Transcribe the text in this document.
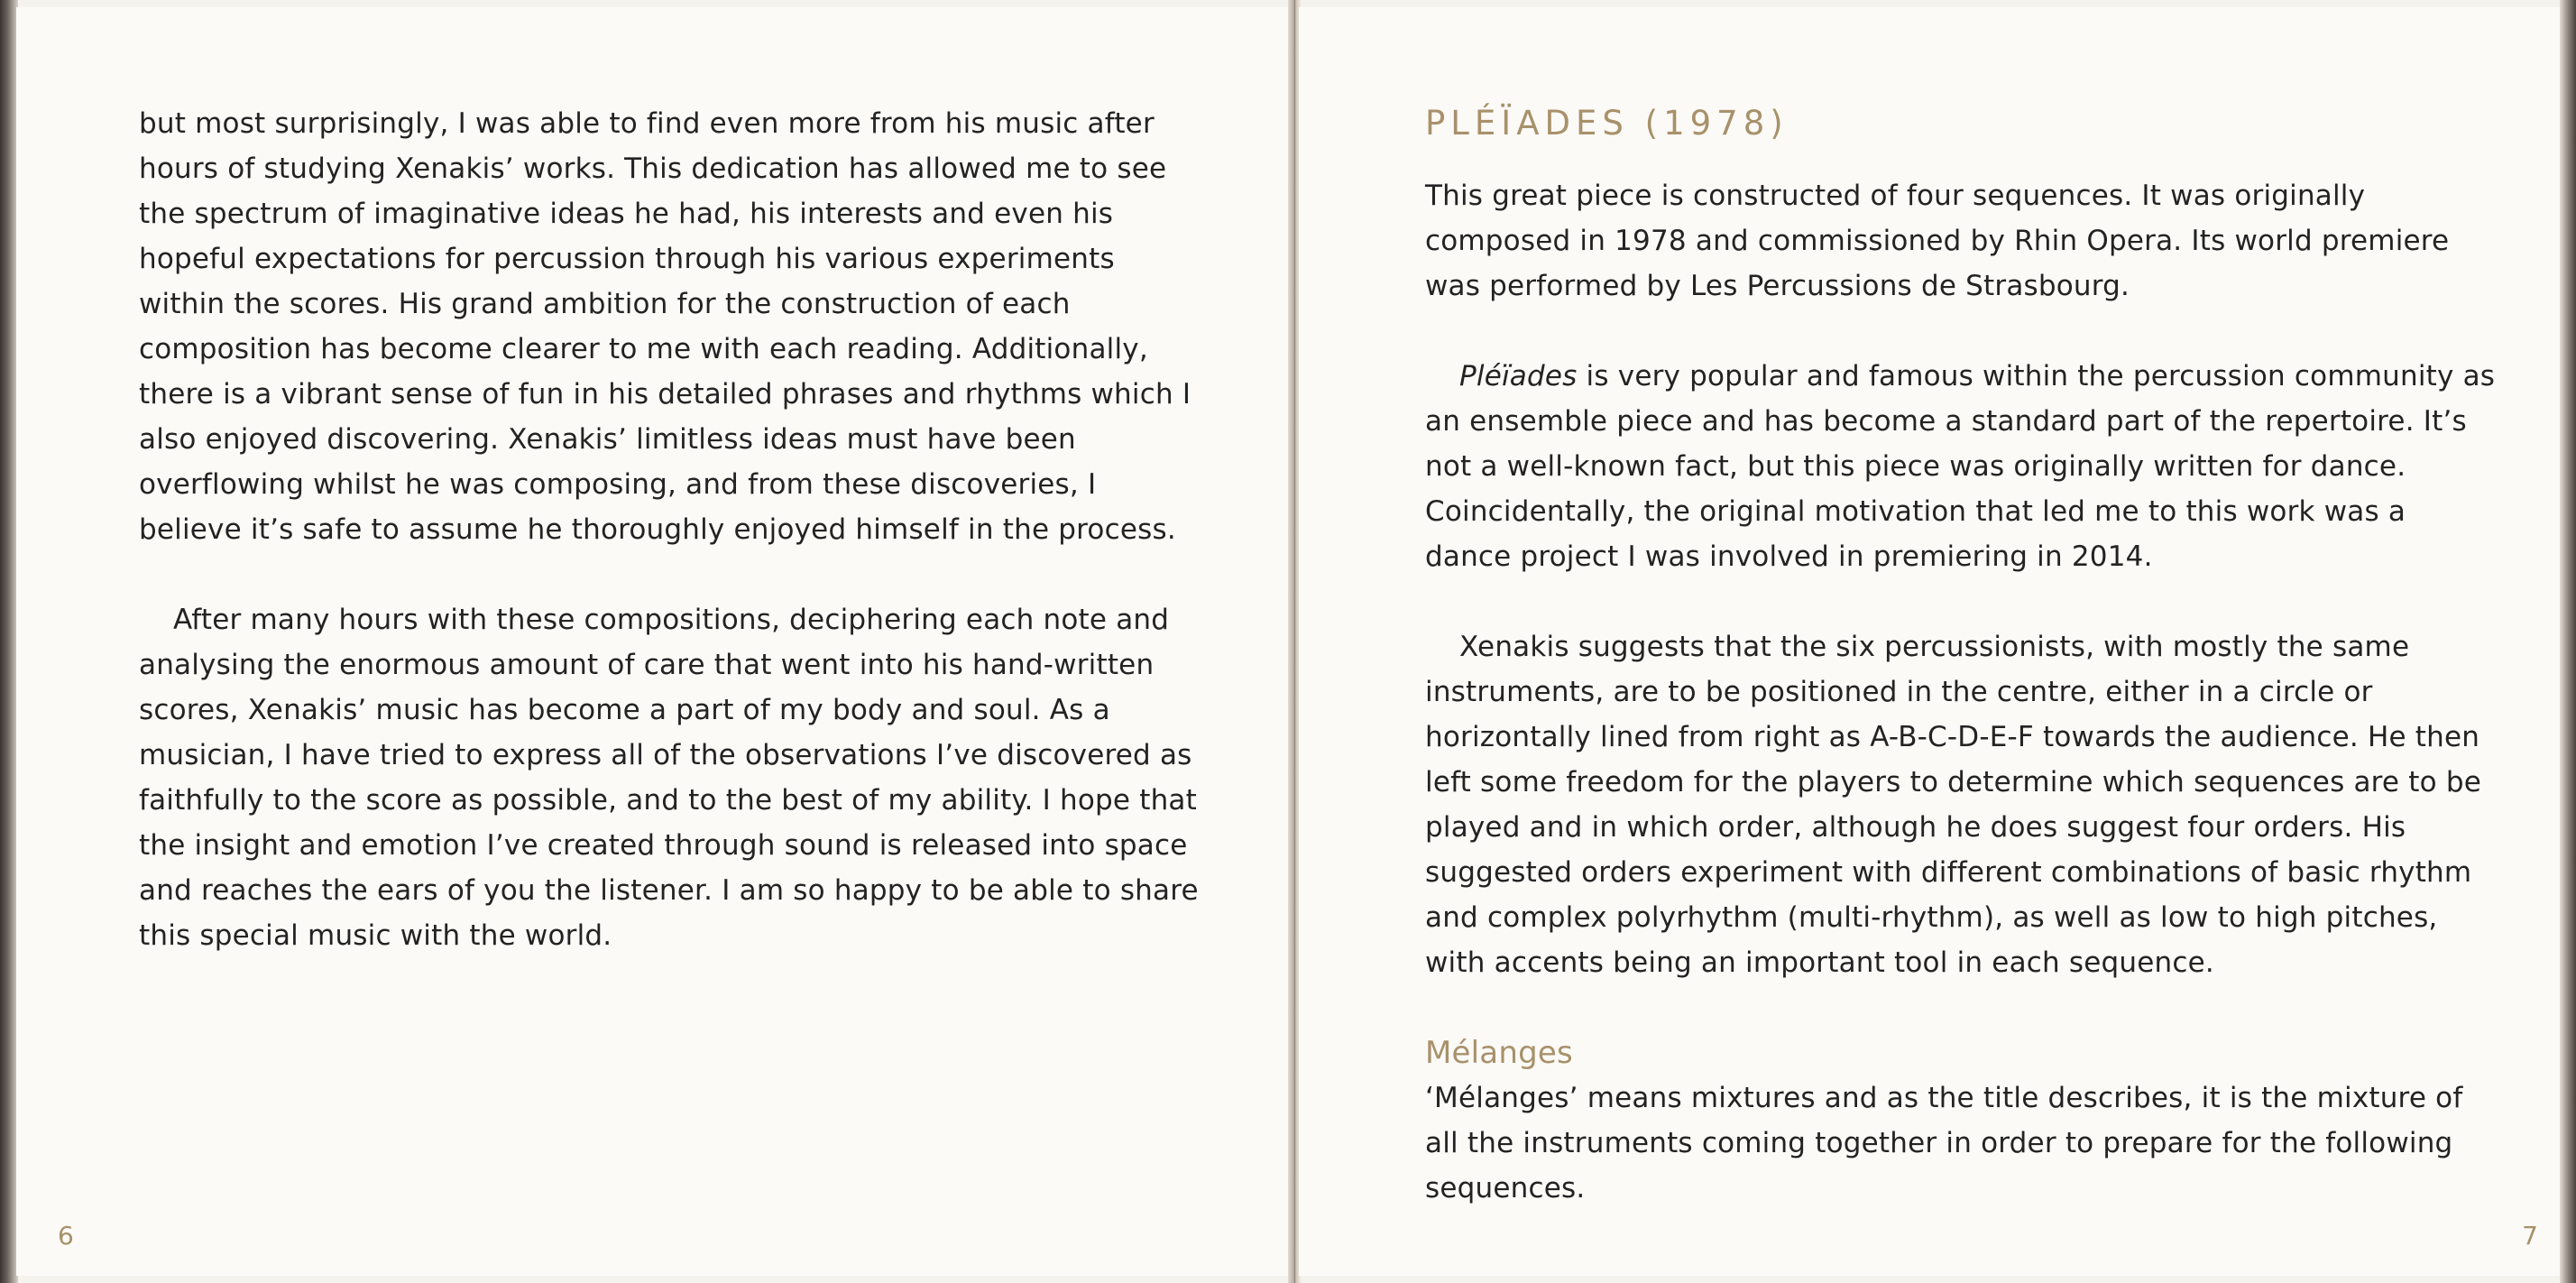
but most surprisingly, I was able to find even more from his music after hours of studying Xenakis’ works. This dedication has allowed me to see the spectrum of imaginative ideas he had, his interests and even his hopeful expectations for percussion through his various experiments within the scores. His grand ambition for the construction of each composition has become clearer to me with each reading. Additionally, there is a vibrant sense of fun in his detailed phrases and rhythms which I also enjoyed discovering. Xenakis’ limitless ideas must have been overflowing whilst he was composing, and from these discoveries, I believe it’s safe to assume he thoroughly enjoyed himself in the process.

After many hours with these compositions, deciphering each note and analysing the enormous amount of care that went into his hand-written scores, Xenakis’ music has become a part of my body and soul. As a musician, I have tried to express all of the observations I’ve discovered as faithfully to the score as possible, and to the best of my ability. I hope that the insight and emotion I’ve created through sound is released into space and reaches the ears of you the listener. I am so happy to be able to share this special music with the world.

6
PLÉÏADES (1978)

This great piece is constructed of four sequences. It was originally composed in 1978 and commissioned by Rhin Opera. Its world premiere was performed by Les Percussions de Strasbourg.

Pléïades is very popular and famous within the percussion community as an ensemble piece and has become a standard part of the repertoire. It’s not a well-known fact, but this piece was originally written for dance. Coincidentally, the original motivation that led me to this work was a dance project I was involved in premiering in 2014.

Xenakis suggests that the six percussionists, with mostly the same instruments, are to be positioned in the centre, either in a circle or horizontally lined from right as A-B-C-D-E-F towards the audience. He then left some freedom for the players to determine which sequences are to be played and in which order, although he does suggest four orders. His suggested orders experiment with different combinations of basic rhythm and complex polyrhythm (multi-rhythm), as well as low to high pitches, with accents being an important tool in each sequence.

Mélanges

‘Mélanges’ means mixtures and as the title describes, it is the mixture of all the instruments coming together in order to prepare for the following sequences.

7
